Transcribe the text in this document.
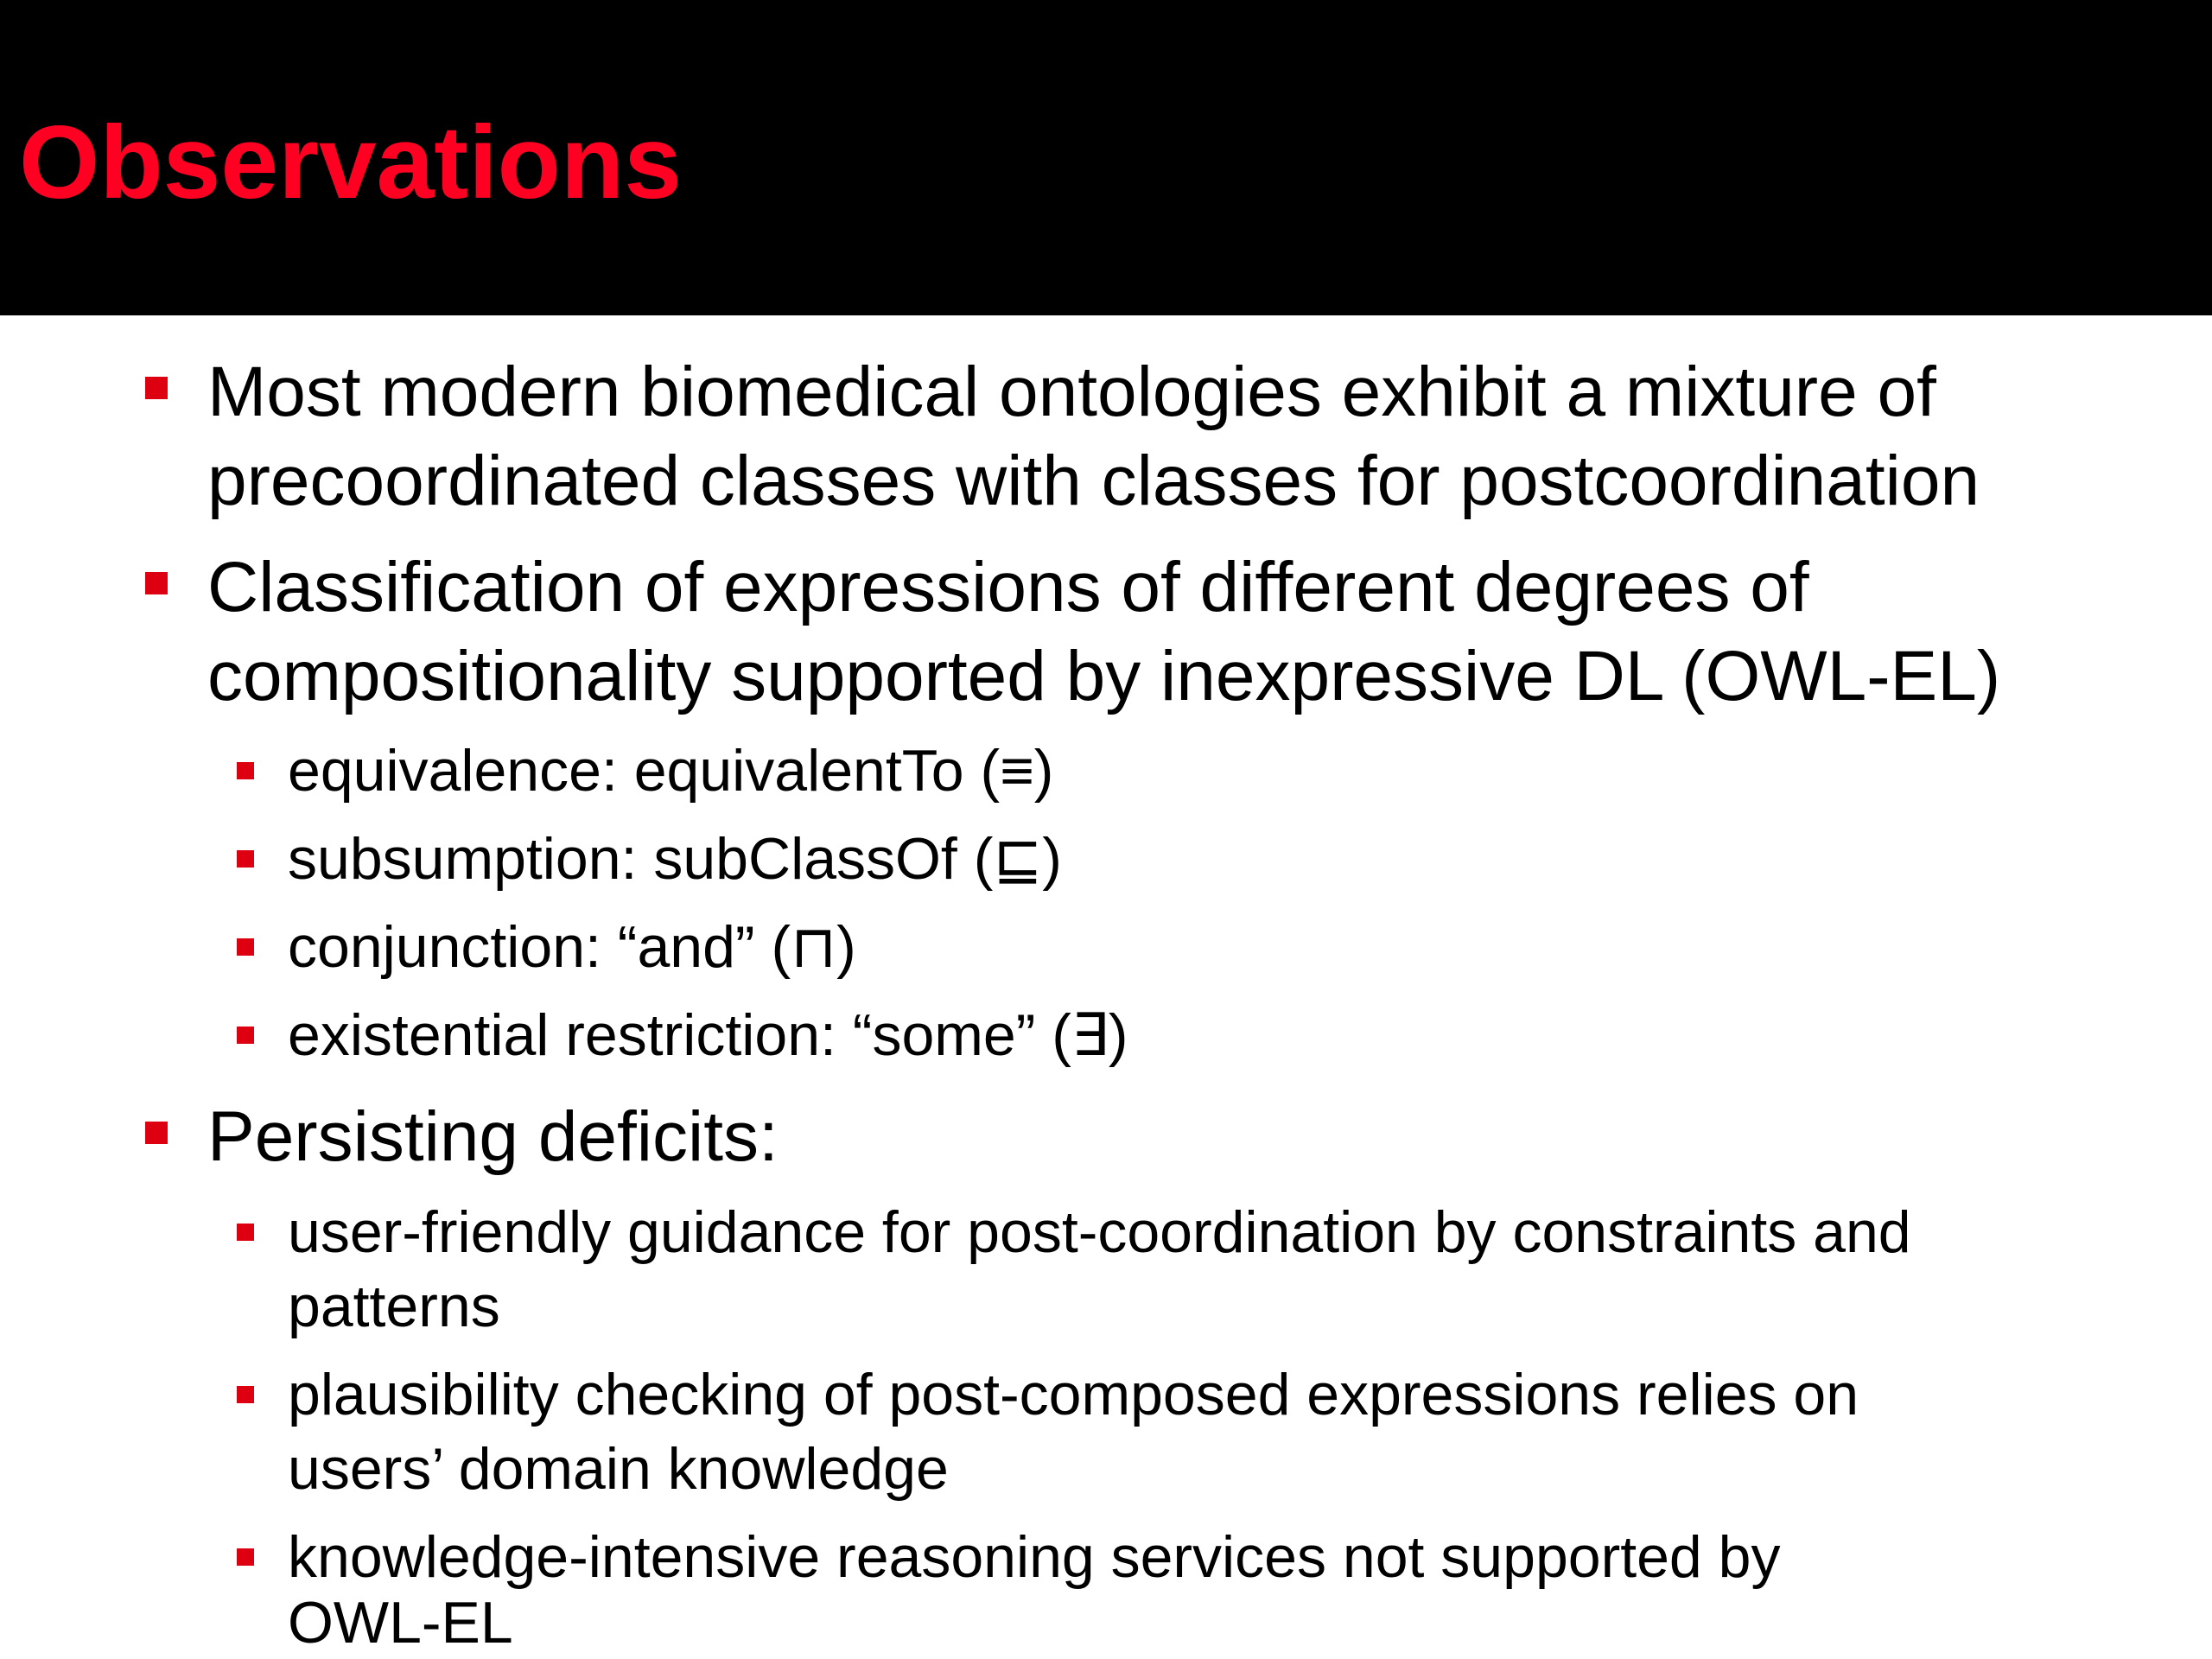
Observations

Most modern biomedical ontologies exhibit a mixture of

precoordinated classes with classes for postcoordination

Classification of expressions of different degrees of

compositionality supported by inexpressive DL (OWL-EL)

equivalence: equivalentTo (≡)

subsumption: subClassOf (⊑)

conjunction: “and” (⊓)

existential restriction: “some” (∃)

Persisting deficits:

user-friendly guidance for post-coordination by constraints and

patterns

plausibility checking of post-composed expressions relies on

users’ domain knowledge

knowledge-intensive reasoning services not supported by

OWL-EL
